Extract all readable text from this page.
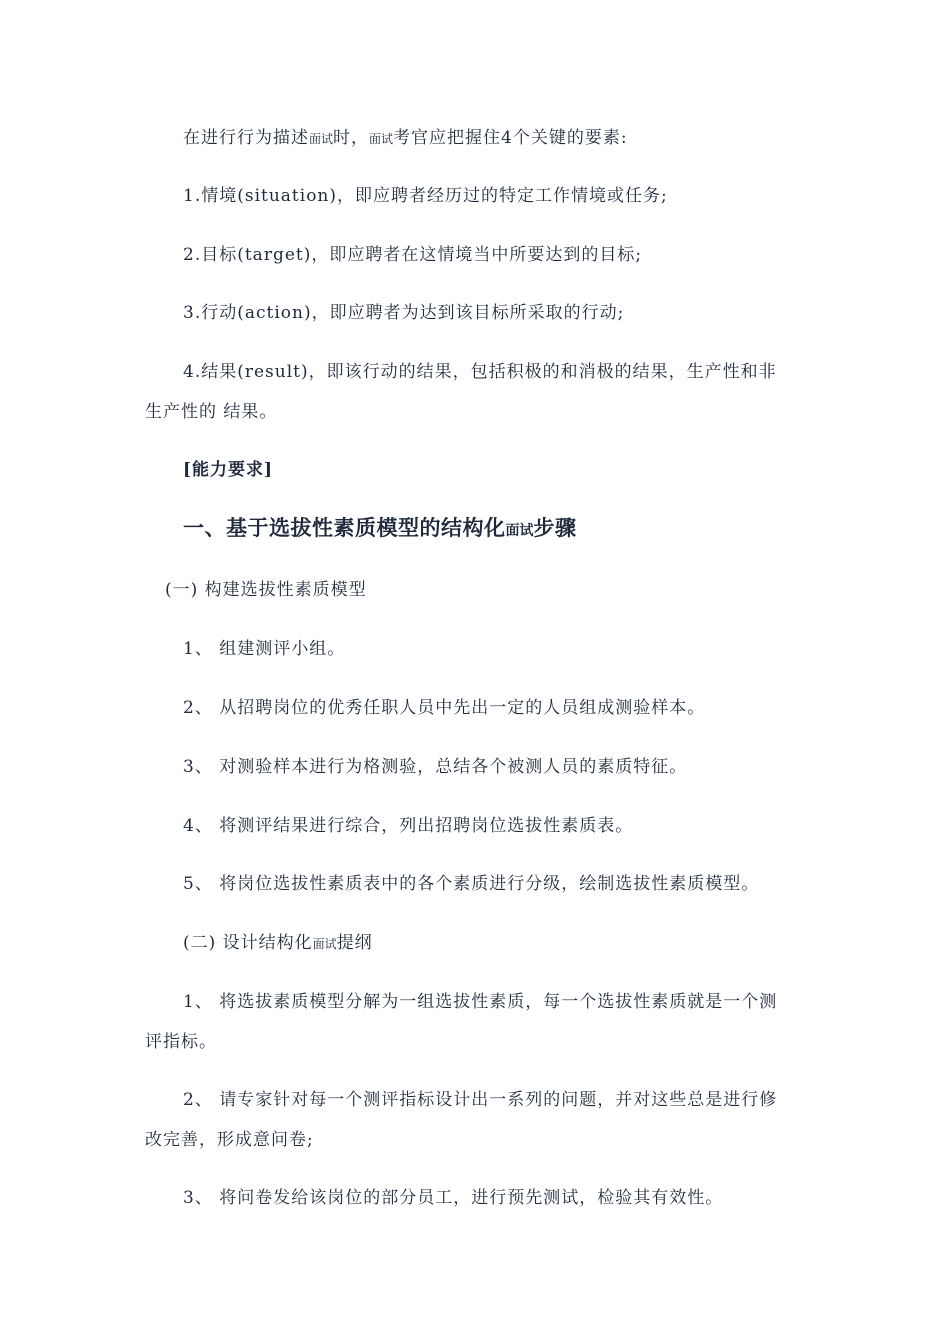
在进行行为描述面试时，面试考官应把握住4个关键的要素:
1.情境(situation)，即应聘者经历过的特定工作情境或任务;
2.目标(target)，即应聘者在这情境当中所要达到的目标;
3.行动(action)，即应聘者为达到该目标所采取的行动;
4.结果(result)，即该行动的结果，包括积极的和消极的结果，生产性和非
生产性的 结果。
[能力要求]
一、基于选拔性素质模型的结构化面试步骤
(一) 构建选拔性素质模型
1、 组建测评小组。
2、 从招聘岗位的优秀任职人员中先出一定的人员组成测验样本。
3、 对测验样本进行为格测验，总结各个被测人员的素质特征。
4、 将测评结果进行综合，列出招聘岗位选拔性素质表。
5、 将岗位选拔性素质表中的各个素质进行分级，绘制选拔性素质模型。
(二) 设计结构化面试提纲
1、 将选拔素质模型分解为一组选拔性素质，每一个选拔性素质就是一个测
评指标。
2、 请专家针对每一个测评指标设计出一系列的问题，并对这些总是进行修
改完善，形成意问卷;
3、 将问卷发给该岗位的部分员工，进行预先测试，检验其有效性。
